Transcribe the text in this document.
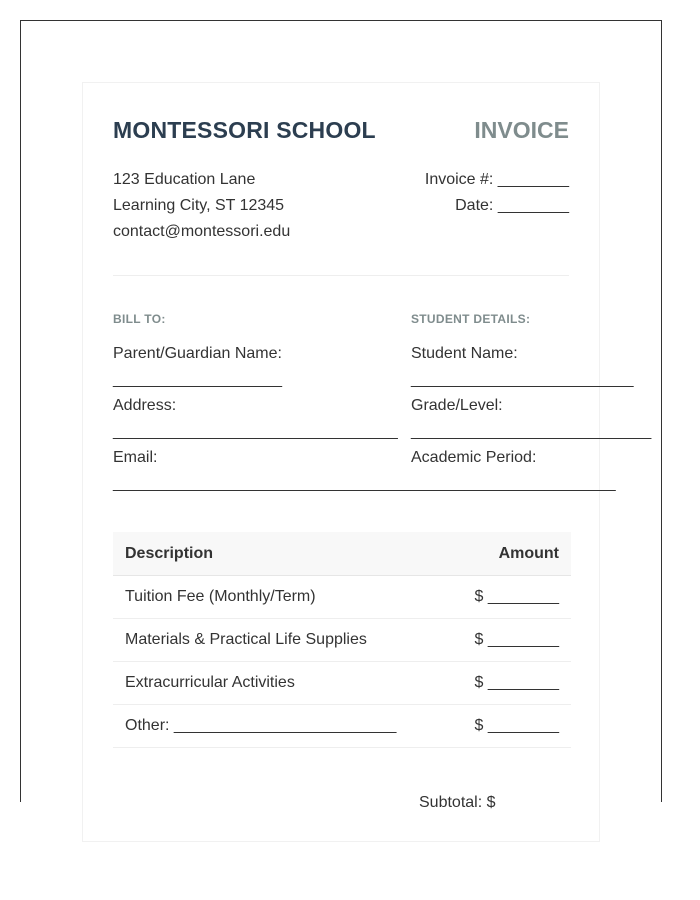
MONTESSORI SCHOOL	INVOICE
123 Education Lane
Learning City, ST 12345
contact@montessori.edu
Invoice #: ________
Date: ________
BILL TO:
Parent/Guardian Name:
___________________
Address:
________________________________
Email:
__________________________________
STUDENT DETAILS:
Student Name:
_________________________
Grade/Level:
___________________________
Academic Period:
_______________________
Description	Amount
Tuition Fee (Monthly/Term)	$ ________
Materials & Practical Life Supplies	$ ________
Extracurricular Activities	$ ________
Other: _________________________	$ ________
Subtotal: $
